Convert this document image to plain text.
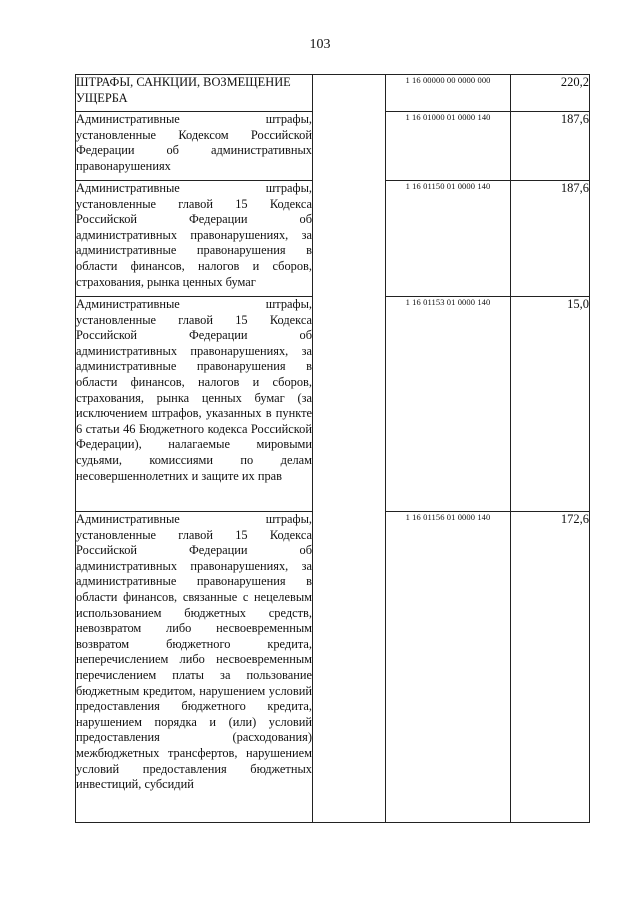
103
ШТРАФЫ, САНКЦИИ, ВОЗМЕЩЕНИЕ УЩЕРБА		1 16 00000 00 0000 000	220,2

Административные штрафы, установленные Кодексом Российской Федерации об административных правонарушениях		1 16 01000 01 0000 140	187,6

Административные штрафы, установленные главой 15 Кодекса Российской Федерации об административных правонарушениях, за административные правонарушения в области финансов, налогов и сборов, страхования, рынка ценных бумаг		1 16 01150 01 0000 140	187,6

Административные штрафы, установленные главой 15 Кодекса Российской Федерации об административных правонарушениях, за административные правонарушения в области финансов, налогов и сборов, страхования, рынка ценных бумаг (за исключением штрафов, указанных в пункте 6 статьи 46 Бюджетного кодекса Российской Федерации), налагаемые мировыми судьями, комиссиями по делам несовершеннолетних и защите их прав		1 16 01153 01 0000 140	15,0

Административные штрафы, установленные главой 15 Кодекса Российской Федерации об административных правонарушениях, за административные правонарушения в области финансов, связанные с нецелевым использованием бюджетных средств, невозвратом либо несвоевременным возвратом бюджетного кредита, неперечислением либо несвоевременным перечислением платы за пользование бюджетным кредитом, нарушением условий предоставления бюджетного кредита, нарушением порядка и (или) условий предоставления (расходования) межбюджетных трансфертов, нарушением условий предоставления бюджетных инвестиций, субсидий		1 16 01156 01 0000 140	172,6
